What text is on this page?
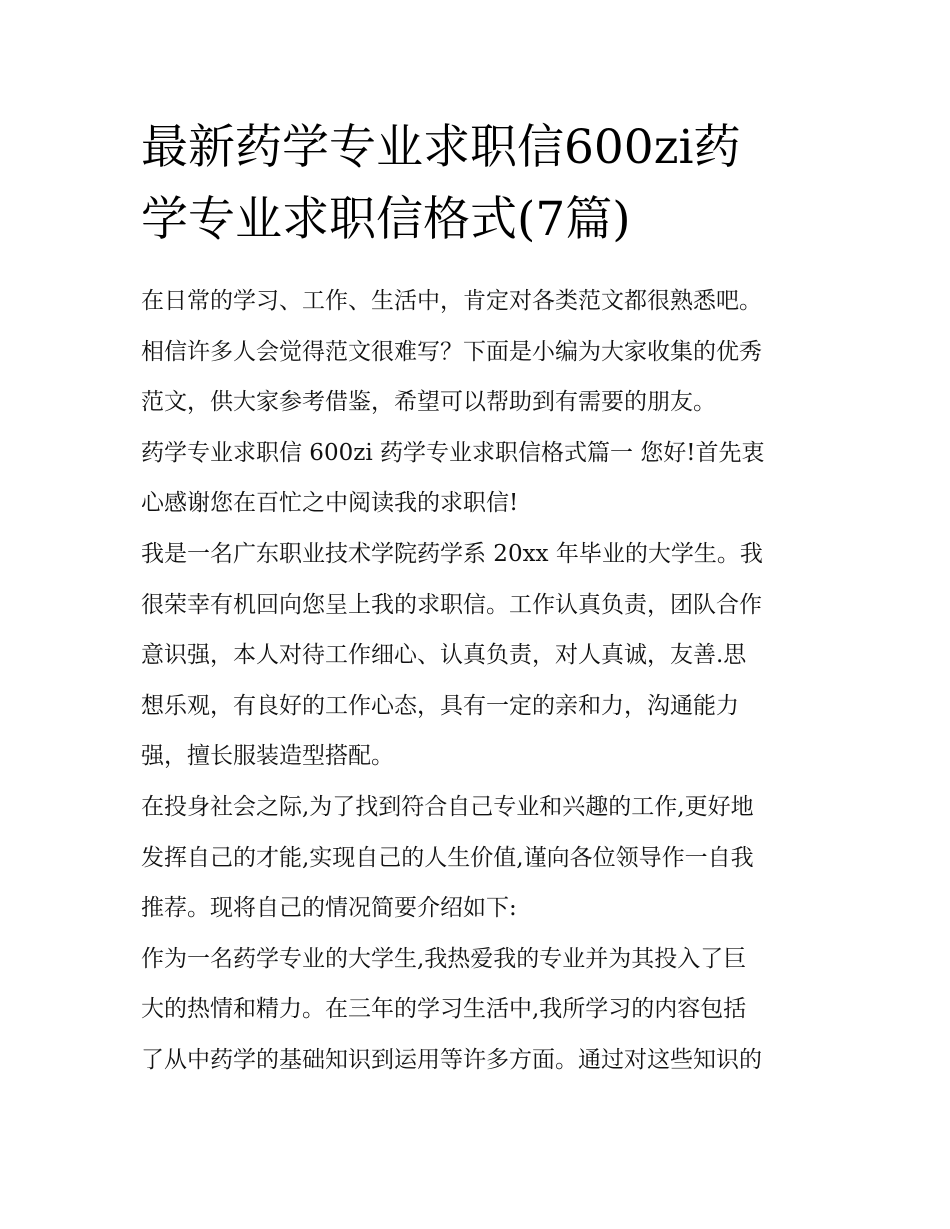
最新药学专业求职信600zi药
学专业求职信格式(7篇)
在日常的学习、工作、生活中，肯定对各类范文都很熟悉吧。
相信许多人会觉得范文很难写？下面是小编为大家收集的优秀
范文，供大家参考借鉴，希望可以帮助到有需要的朋友。
药学专业求职信 600zi 药学专业求职信格式篇一 您好!首先衷
心感谢您在百忙之中阅读我的求职信!
我是一名广东职业技术学院药学系 20xx 年毕业的大学生。我
很荣幸有机回向您呈上我的求职信。工作认真负责，团队合作
意识强，本人对待工作细心、认真负责，对人真诚，友善.思
想乐观，有良好的工作心态，具有一定的亲和力，沟通能力
强，擅长服装造型搭配。
在投身社会之际,为了找到符合自己专业和兴趣的工作,更好地
发挥自己的才能,实现自己的人生价值,谨向各位领导作一自我
推荐。现将自己的情况简要介绍如下:
作为一名药学专业的大学生,我热爱我的专业并为其投入了巨
大的热情和精力。在三年的学习生活中,我所学习的内容包括
了从中药学的基础知识到运用等许多方面。通过对这些知识的
